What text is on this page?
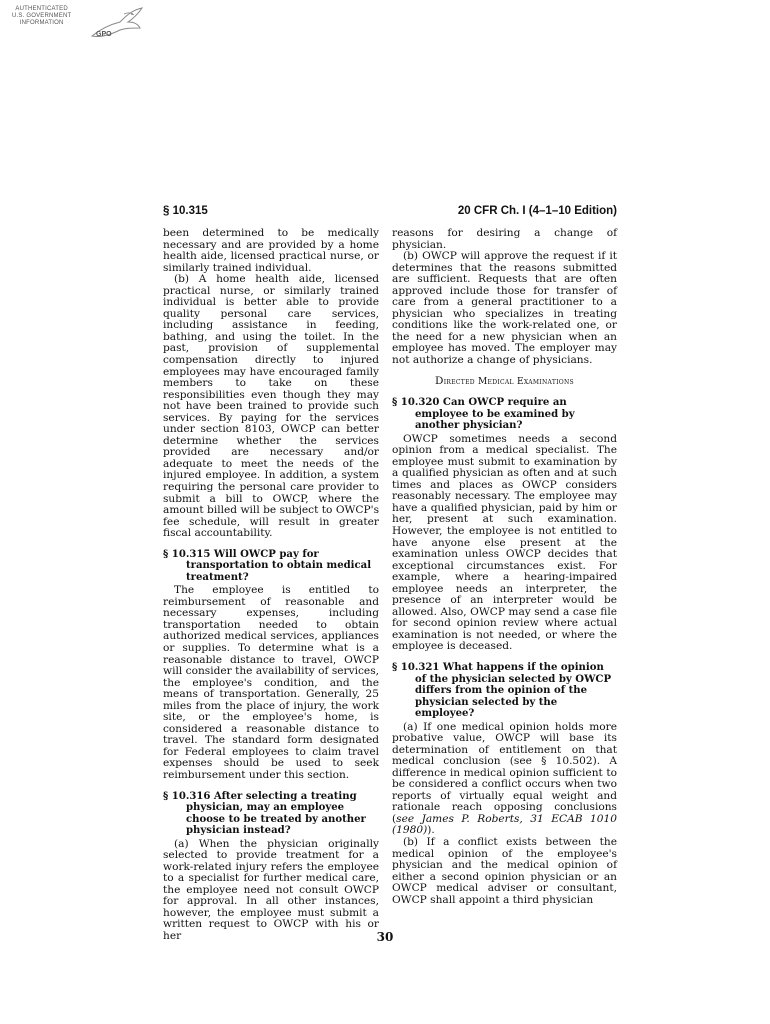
AUTHENTICATED
U.S. GOVERNMENT
INFORMATION
GPO
§ 10.315	20 CFR Ch. I (4–1–10 Edition)

been determined to be medically necessary and are provided by a home health aide, licensed practical nurse, or similarly trained individual.

(b) A home health aide, licensed practical nurse, or similarly trained individual is better able to provide quality personal care services, including assistance in feeding, bathing, and using the toilet. In the past, provision of supplemental compensation directly to injured employees may have encouraged family members to take on these responsibilities even though they may not have been trained to provide such services. By paying for the services under section 8103, OWCP can better determine whether the services provided are necessary and/or adequate to meet the needs of the injured employee. In addition, a system requiring the personal care provider to submit a bill to OWCP, where the amount billed will be subject to OWCP's fee schedule, will result in greater fiscal accountability.

§ 10.315 Will OWCP pay for transportation to obtain medical treatment?

The employee is entitled to reimbursement of reasonable and necessary expenses, including transportation needed to obtain authorized medical services, appliances or supplies. To determine what is a reasonable distance to travel, OWCP will consider the availability of services, the employee's condition, and the means of transportation. Generally, 25 miles from the place of injury, the work site, or the employee's home, is considered a reasonable distance to travel. The standard form designated for Federal employees to claim travel expenses should be used to seek reimbursement under this section.

§ 10.316 After selecting a treating physician, may an employee choose to be treated by another physician instead?

(a) When the physician originally selected to provide treatment for a work-related injury refers the employee to a specialist for further medical care, the employee need not consult OWCP for approval. In all other instances, however, the employee must submit a written request to OWCP with his or her

reasons for desiring a change of physician.

(b) OWCP will approve the request if it determines that the reasons submitted are sufficient. Requests that are often approved include those for transfer of care from a general practitioner to a physician who specializes in treating conditions like the work-related one, or the need for a new physician when an employee has moved. The employer may not authorize a change of physicians.

Directed Medical Examinations
§ 10.320 Can OWCP require an employee to be examined by another physician?

OWCP sometimes needs a second opinion from a medical specialist. The employee must submit to examination by a qualified physician as often and at such times and places as OWCP considers reasonably necessary. The employee may have a qualified physician, paid by him or her, present at such examination. However, the employee is not entitled to have anyone else present at the examination unless OWCP decides that exceptional circumstances exist. For example, where a hearing-impaired employee needs an interpreter, the presence of an interpreter would be allowed. Also, OWCP may send a case file for second opinion review where actual examination is not needed, or where the employee is deceased.

§ 10.321 What happens if the opinion of the physician selected by OWCP differs from the opinion of the physician selected by the employee?

(a) If one medical opinion holds more probative value, OWCP will base its determination of entitlement on that medical conclusion (see § 10.502). A difference in medical opinion sufficient to be considered a conflict occurs when two reports of virtually equal weight and rationale reach opposing conclusions (see James P. Roberts, 31 ECAB 1010 (1980)).

(b) If a conflict exists between the medical opinion of the employee's physician and the medical opinion of either a second opinion physician or an OWCP medical adviser or consultant, OWCP shall appoint a third physician

30
